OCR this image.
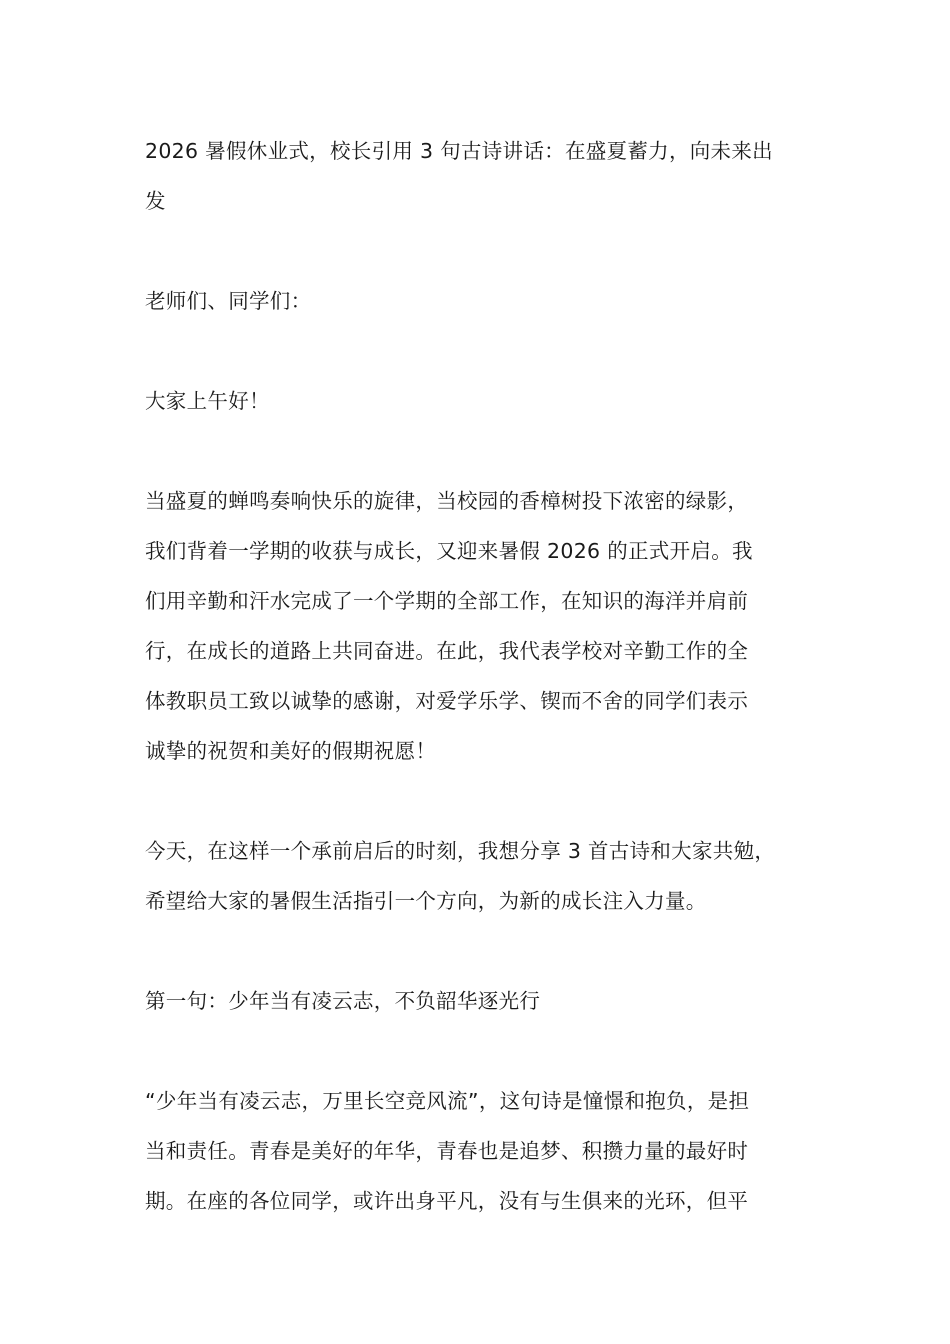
2026 暑假休业式，校长引用 3 句古诗讲话：在盛夏蓄力，向未来出
发
老师们、同学们：
大家上午好！
当盛夏的蝉鸣奏响快乐的旋律，当校园的香樟树投下浓密的绿影，
我们背着一学期的收获与成长，又迎来暑假 2026 的正式开启。我
们用辛勤和汗水完成了一个学期的全部工作，在知识的海洋并肩前
行，在成长的道路上共同奋进。在此，我代表学校对辛勤工作的全
体教职员工致以诚挚的感谢，对爱学乐学、锲而不舍的同学们表示
诚挚的祝贺和美好的假期祝愿！
今天，在这样一个承前启后的时刻，我想分享 3 首古诗和大家共勉，
希望给大家的暑假生活指引一个方向，为新的成长注入力量。
第一句：少年当有凌云志，不负韶华逐光行
“少年当有凌云志，万里长空竞风流”，这句诗是憧憬和抱负，是担
当和责任。青春是美好的年华，青春也是追梦、积攒力量的最好时
期。在座的各位同学，或许出身平凡，没有与生俱来的光环，但平
